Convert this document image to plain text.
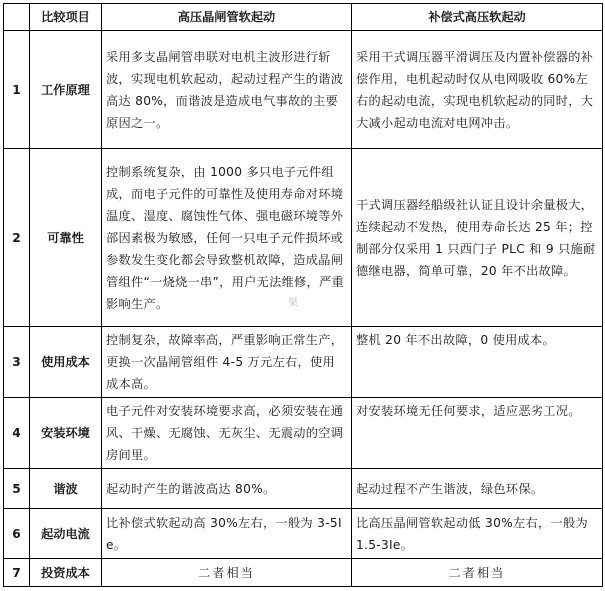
	比较项目	高压晶闸管软起动	补偿式高压软起动
1	工作原理	采用多支晶闸管串联对电机主波形进行斩波，实现电机软起动，起动过程产生的谐波高达 80%，而谐波是造成电气事故的主要原因之一。	采用干式调压器平滑调压及内置补偿器的补偿作用，电机起动时仅从电网吸收 60%左右的起动电流，实现电机软起动的同时，大大减小起动电流对电网冲击。
2	可靠性	控制系统复杂，由 1000 多只电子元件组成，而电子元件的可靠性及使用寿命对环境温度、湿度、腐蚀性气体、强电磁环境等外部因素极为敏感，任何一只电子元件损坏或参数发生变化都会导致整机故障，造成晶闸管组件“一烧烧一串”，用户无法维修，严重影响生产。	干式调压器经船级社认证且设计余量极大，连续起动不发热，使用寿命长达 25 年；控制部分仅采用 1 只西门子 PLC 和 9 只施耐德继电器，简单可靠，20 年不出故障。
3	使用成本	控制复杂，故障率高，严重影响正常生产，更换一次晶闸管组件 4-5 万元左右，使用成本高。	整机 20 年不出故障，0 使用成本。
4	安装环境	电子元件对安装环境要求高，必须安装在通风、干燥、无腐蚀、无灰尘、无震动的空调房间里。	对安装环境无任何要求，适应恶劣工况。
5	谐波	起动时产生的谐波高达 80%。	起动过程不产生谐波，绿色环保。
6	起动电流	比补偿式软起动高 30%左右，一般为 3-5Ie。	比高压晶闸管软起动低 30%左右，一般为 1.5-3Ie。
7	投资成本	二者相当	二者相当
果
